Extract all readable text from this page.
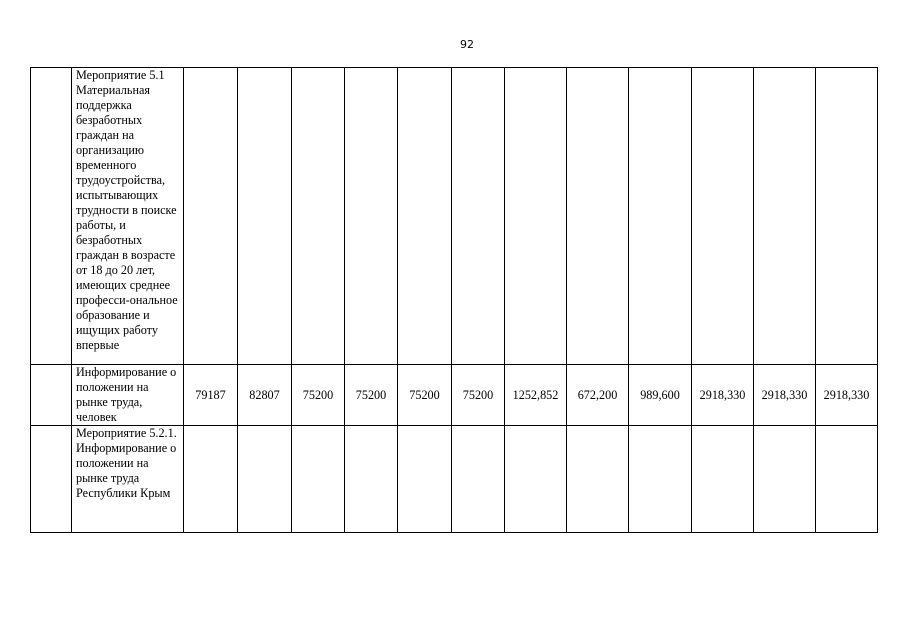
92
	Мероприятие 5.1 Материальная поддержка безработных граждан на организацию временного трудоустройства, испытывающих трудности в поиске работы, и безработных граждан в возрасте от 18 до 20 лет, имеющих среднее професси-ональное образование и ищущих работу впервые												
	Информирование о положении на рынке труда, человек	79187	82807	75200	75200	75200	75200	1252,852	672,200	989,600	2918,330	2918,330	2918,330
	Мероприятие 5.2.1. Информирование о положении на рынке труда Республики Крым												
